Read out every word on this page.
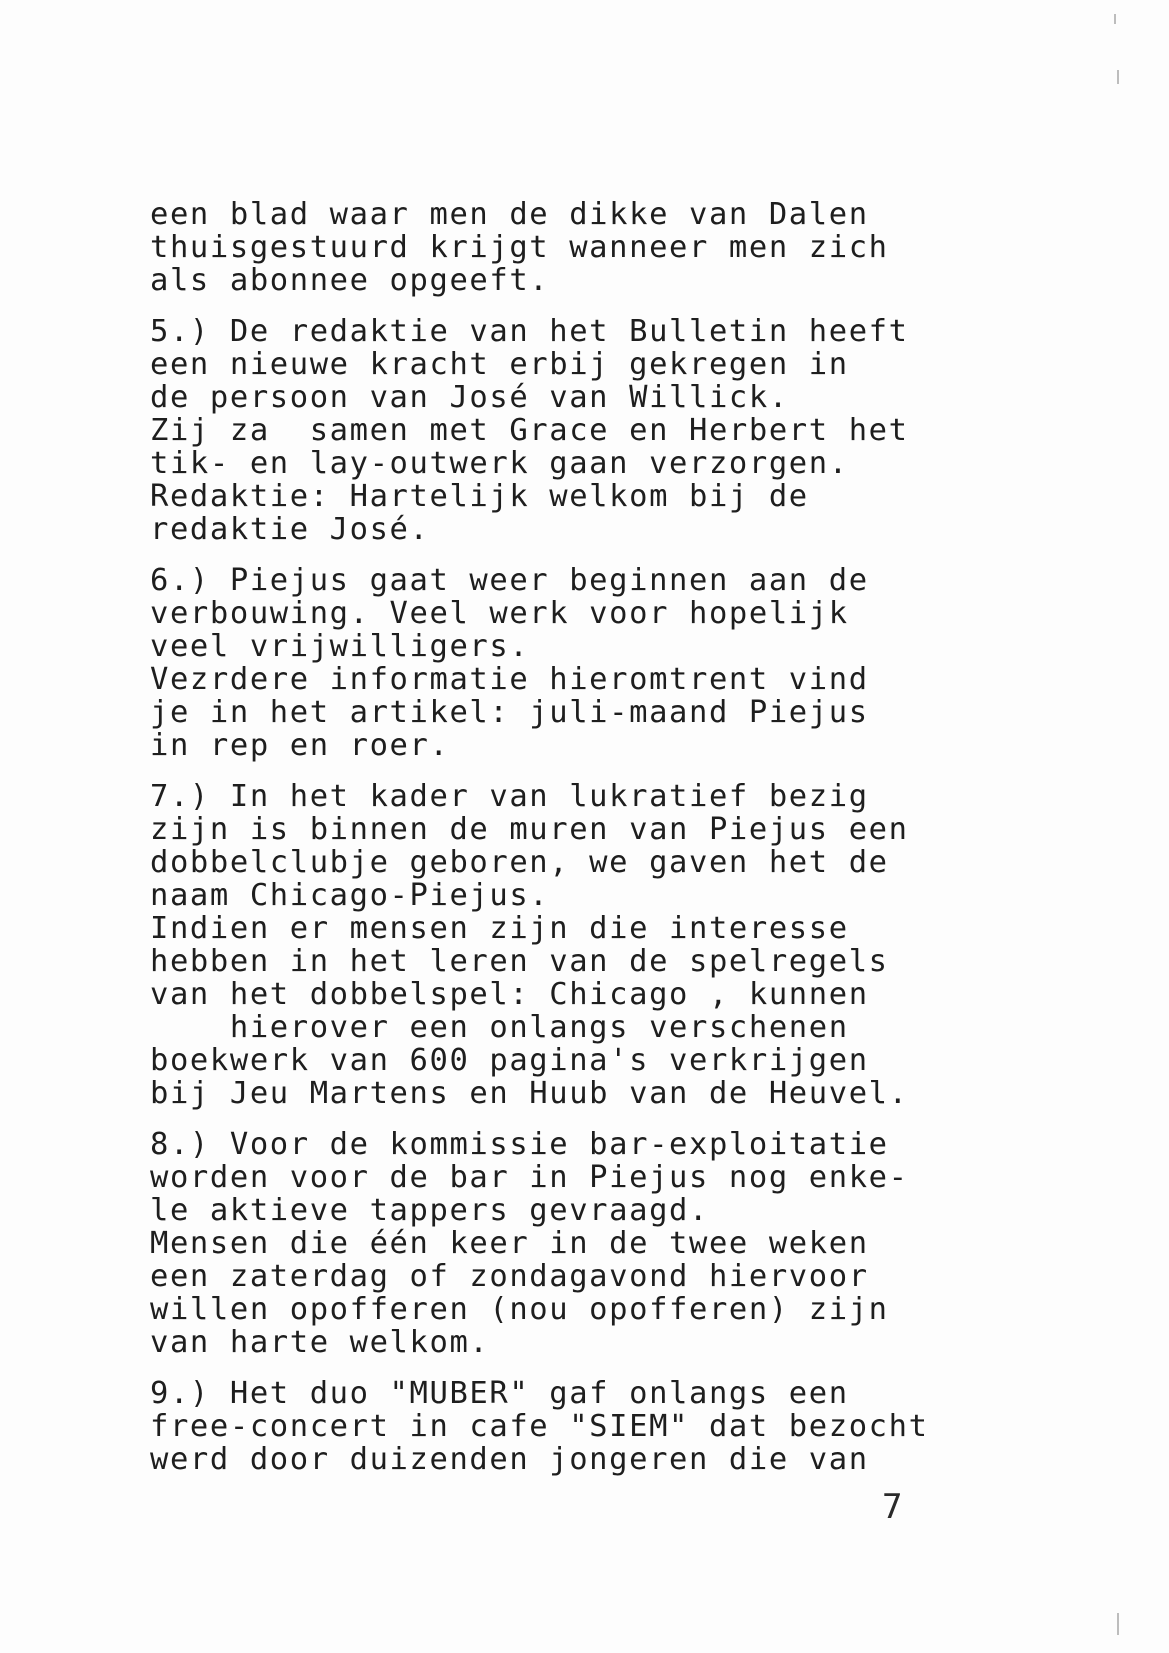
een blad waar men de dikke van Dalen
thuisgestuurd krijgt wanneer men zich
als abonnee opgeeft.
5.) De redaktie van het Bulletin heeft
een nieuwe kracht erbij gekregen in
de persoon van José van Willick.
Zij za  samen met Grace en Herbert het
tik- en lay-outwerk gaan verzorgen.
Redaktie: Hartelijk welkom bij de
redaktie José.
6.) Piejus gaat weer beginnen aan de
verbouwing. Veel werk voor hopelijk
veel vrijwilligers.
Vezrdere informatie hieromtrent vind
je in het artikel: juli-maand Piejus
in rep en roer.
7.) In het kader van lukratief bezig
zijn is binnen de muren van Piejus een
dobbelclubje geboren, we gaven het de
naam Chicago-Piejus.
Indien er mensen zijn die interesse
hebben in het leren van de spelregels
van het dobbelspel: Chicago , kunnen
hierover een onlangs verschenen
boekwerk van 600 pagina's verkrijgen
bij Jeu Martens en Huub van de Heuvel.
8.) Voor de kommissie bar-exploitatie
worden voor de bar in Piejus nog enke-
le aktieve tappers gevraagd.
Mensen die één keer in de twee weken
een zaterdag of zondagavond hiervoor
willen opofferen (nou opofferen) zijn
van harte welkom.
9.) Het duo "MUBER" gaf onlangs een
free-concert in cafe "SIEM" dat bezocht
werd door duizenden jongeren die van
7
